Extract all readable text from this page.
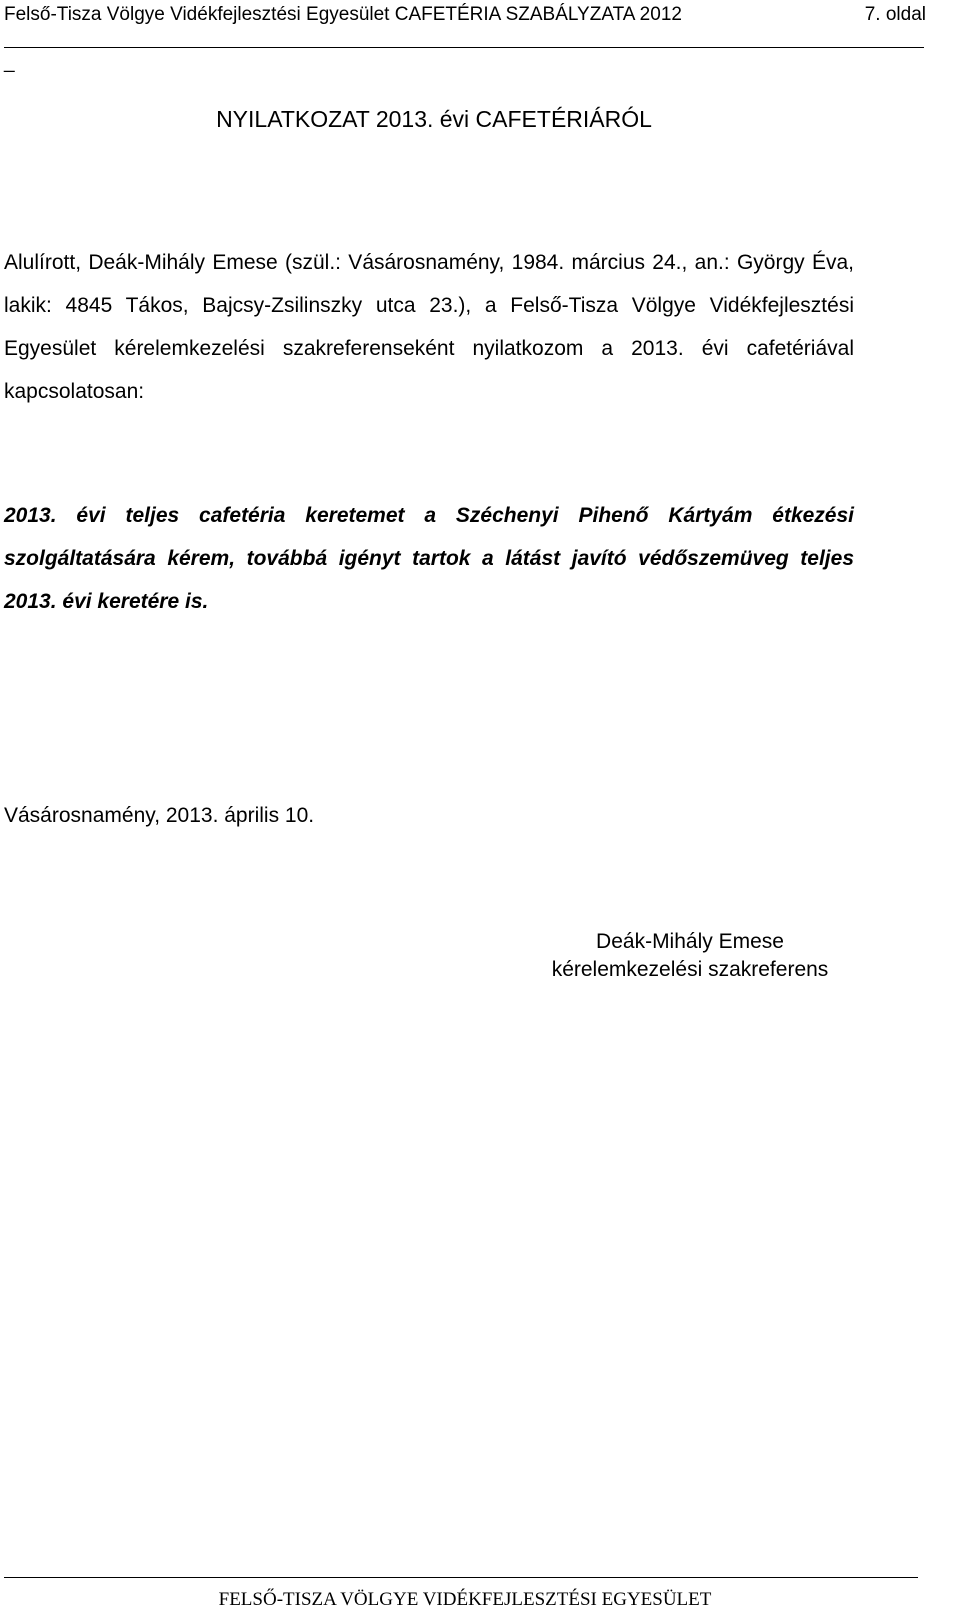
Felső-Tisza Völgye Vidékfejlesztési Egyesület CAFETÉRIA SZABÁLYZATA 2012	7. oldal
_
NYILATKOZAT 2013. évi CAFETÉRIÁRÓL

Alulírott, Deák-Mihály Emese (szül.: Vásárosnamény, 1984. március 24., an.: György Éva, lakik: 4845 Tákos, Bajcsy-Zsilinszky utca 23.), a Felső-Tisza Völgye Vidékfejlesztési Egyesület kérelemkezelési szakreferenseként nyilatkozom a 2013. évi cafetériával kapcsolatosan:

2013. évi teljes cafetéria keretemet a Széchenyi Pihenő Kártyám étkezési szolgáltatására kérem, továbbá igényt tartok a látást javító védőszemüveg teljes 2013. évi keretére is.

Vásárosnamény, 2013. április 10.
Deák-Mihály Emese
kérelemkezelési szakreferens
FELSŐ-TISZA VÖLGYE VIDÉKFEJLESZTÉSI EGYESÜLET
